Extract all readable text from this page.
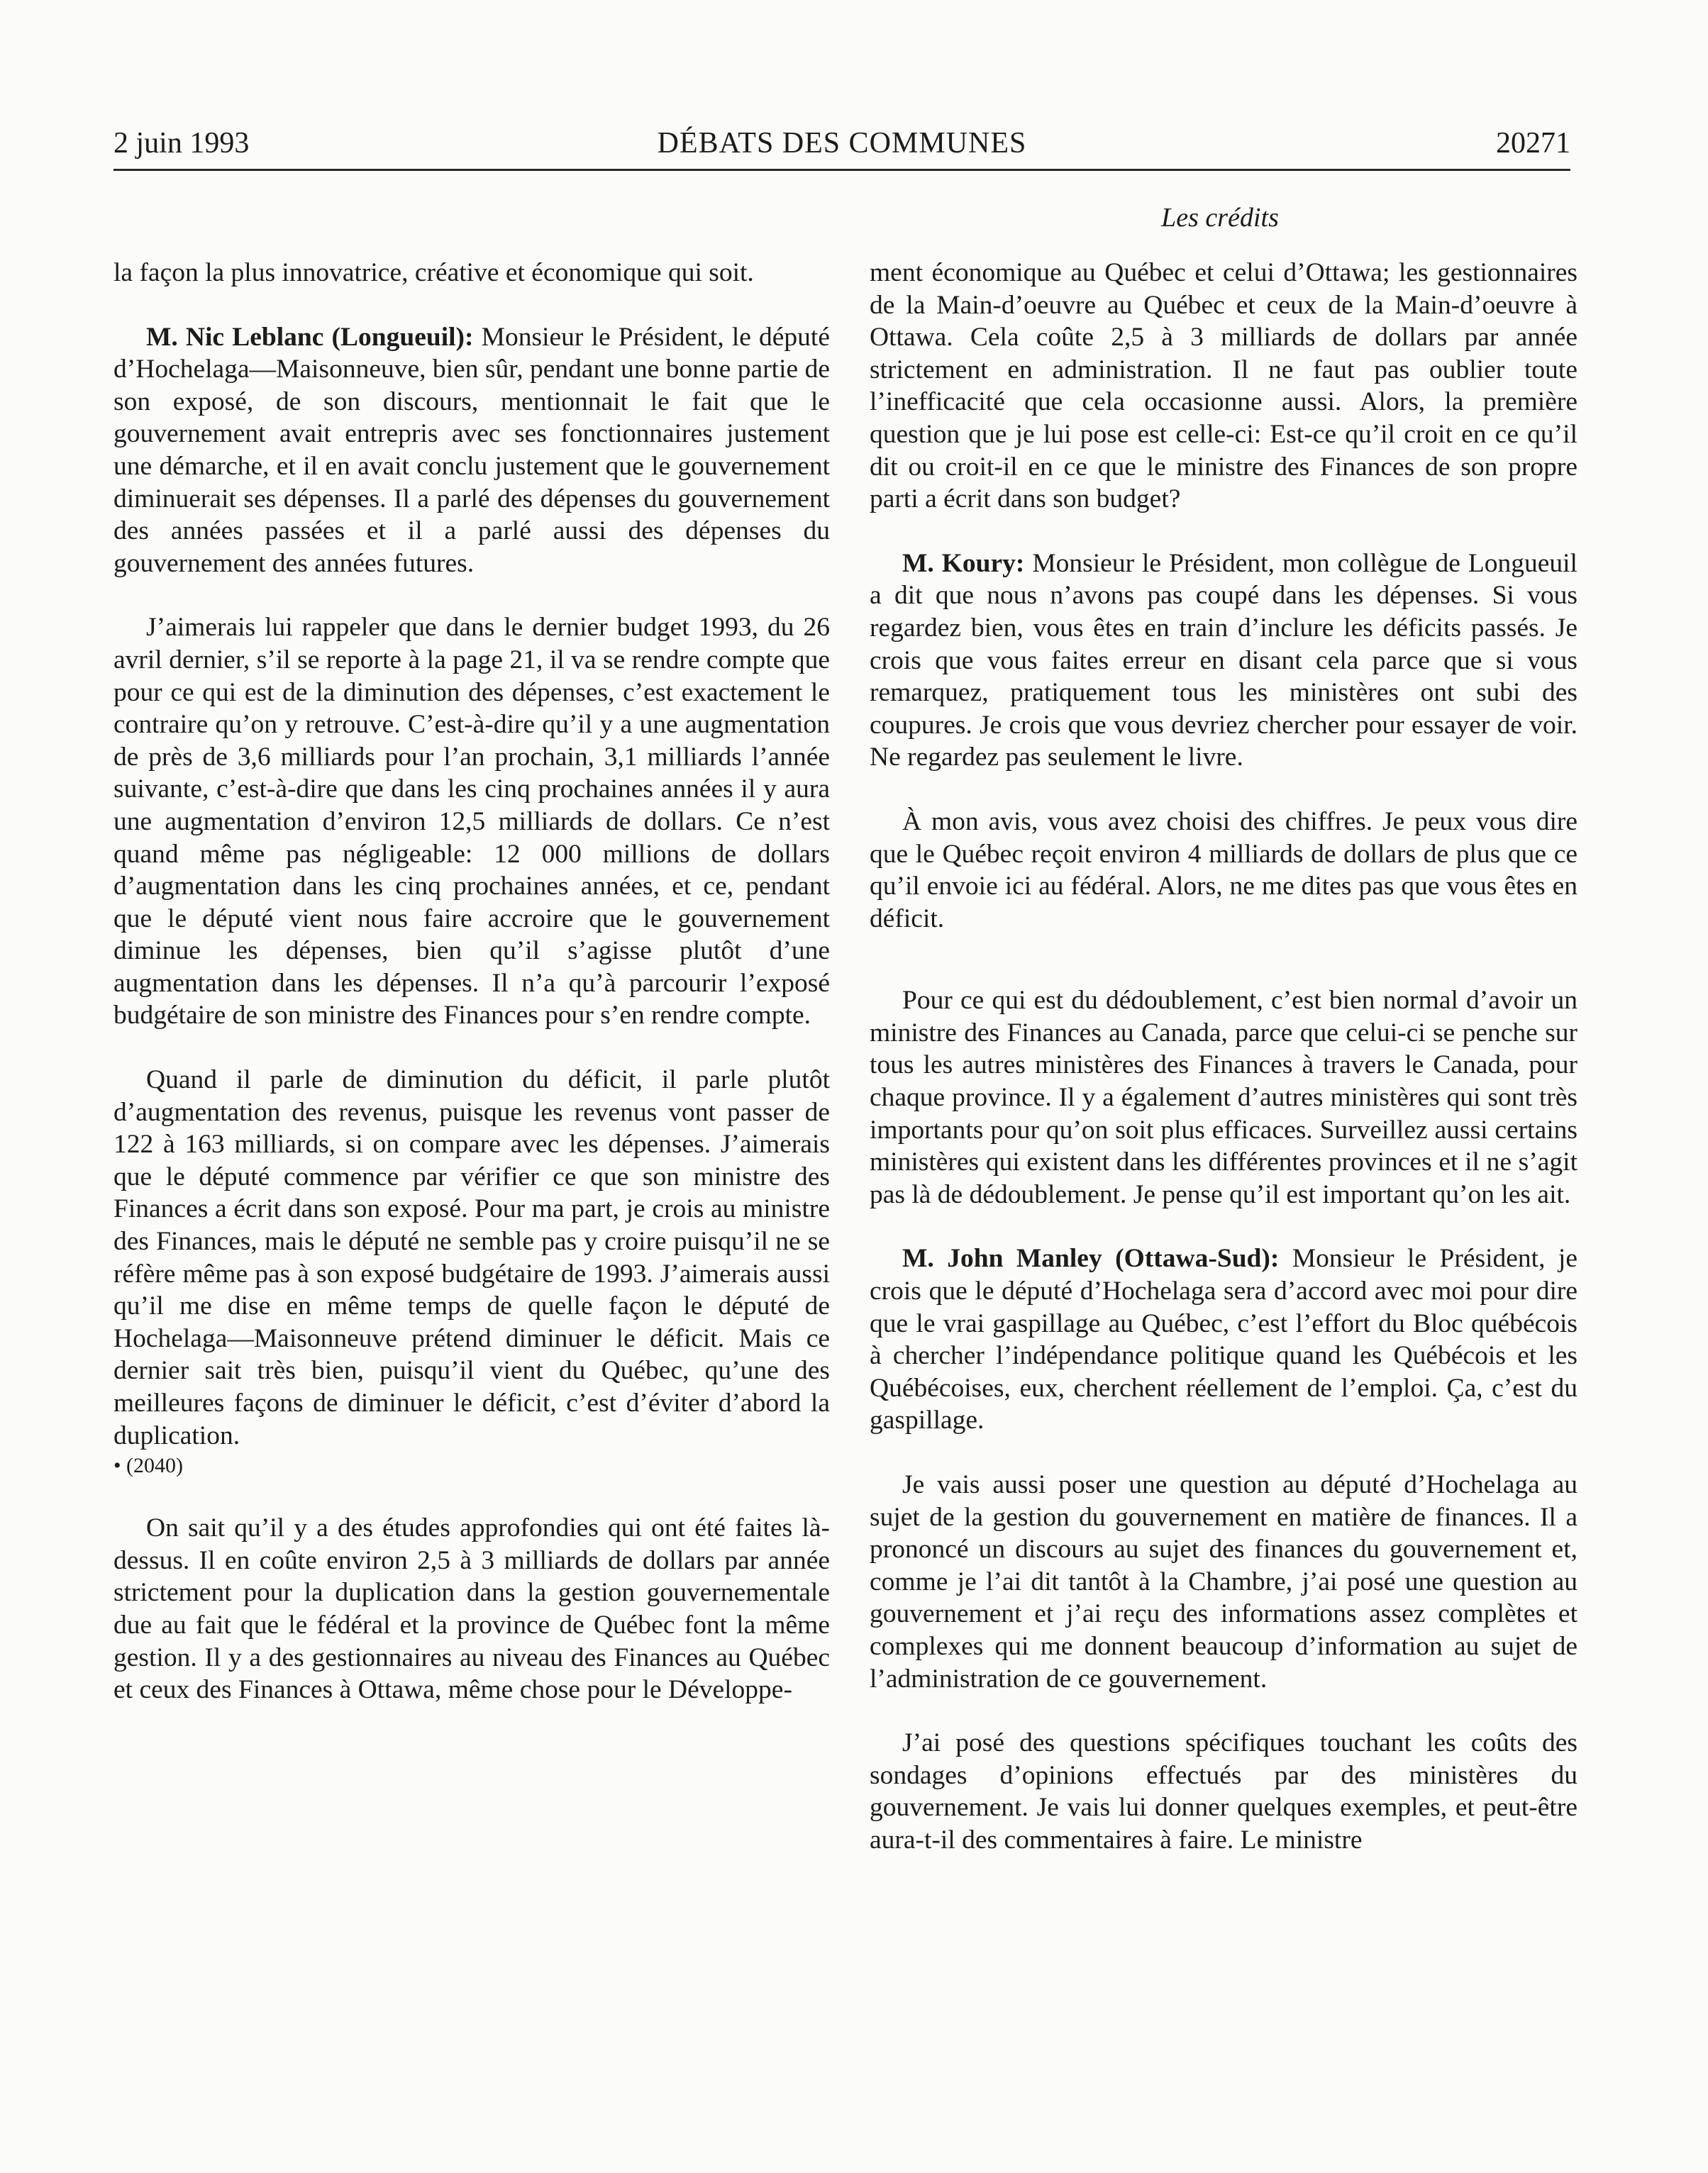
2 juin 1993	DÉBATS DES COMMUNES	20271
Les crédits

la façon la plus innovatrice, créative et économique qui soit.

M. Nic Leblanc (Longueuil): Monsieur le Président, le député d’Hochelaga—Maisonneuve, bien sûr, pendant une bonne partie de son exposé, de son discours, mentionnait le fait que le gouvernement avait entrepris avec ses fonctionnaires justement une démarche, et il en avait conclu justement que le gouvernement diminuerait ses dépenses. Il a parlé des dépenses du gouvernement des années passées et il a parlé aussi des dépenses du gouvernement des années futures.

J’aimerais lui rappeler que dans le dernier budget 1993, du 26 avril dernier, s’il se reporte à la page 21, il va se rendre compte que pour ce qui est de la diminution des dépenses, c’est exactement le contraire qu’on y retrouve. C’est-à-dire qu’il y a une augmentation de près de 3,6 milliards pour l’an prochain, 3,1 milliards l’année suivante, c’est-à-dire que dans les cinq prochaines années il y aura une augmentation d’environ 12,5 milliards de dollars. Ce n’est quand même pas négligeable: 12 000 millions de dollars d’augmentation dans les cinq prochaines années, et ce, pendant que le député vient nous faire accroire que le gouvernement diminue les dépenses, bien qu’il s’agisse plutôt d’une augmentation dans les dépenses. Il n’a qu’à parcourir l’exposé budgétaire de son ministre des Finances pour s’en rendre compte.

Quand il parle de diminution du déficit, il parle plutôt d’augmentation des revenus, puisque les revenus vont passer de 122 à 163 milliards, si on compare avec les dépenses. J’aimerais que le député commence par vérifier ce que son ministre des Finances a écrit dans son exposé. Pour ma part, je crois au ministre des Finances, mais le député ne semble pas y croire puisqu’il ne se réfère même pas à son exposé budgétaire de 1993. J’aimerais aussi qu’il me dise en même temps de quelle façon le député de Hochelaga—Maisonneuve prétend diminuer le déficit. Mais ce dernier sait très bien, puisqu’il vient du Québec, qu’une des meilleures façons de diminuer le déficit, c’est d’éviter d’abord la duplication.

• (2040)

On sait qu’il y a des études approfondies qui ont été faites là-dessus. Il en coûte environ 2,5 à 3 milliards de dollars par année strictement pour la duplication dans la gestion gouvernementale due au fait que le fédéral et la province de Québec font la même gestion. Il y a des gestionnaires au niveau des Finances au Québec et ceux des Finances à Ottawa, même chose pour le Développe-

ment économique au Québec et celui d’Ottawa; les gestionnaires de la Main-d’oeuvre au Québec et ceux de la Main-d’oeuvre à Ottawa. Cela coûte 2,5 à 3 milliards de dollars par année strictement en administration. Il ne faut pas oublier toute l’inefficacité que cela occasionne aussi. Alors, la première question que je lui pose est celle-ci: Est-ce qu’il croit en ce qu’il dit ou croit-il en ce que le ministre des Finances de son propre parti a écrit dans son budget?

M. Koury: Monsieur le Président, mon collègue de Longueuil a dit que nous n’avons pas coupé dans les dépenses. Si vous regardez bien, vous êtes en train d’inclure les déficits passés. Je crois que vous faites erreur en disant cela parce que si vous remarquez, pratiquement tous les ministères ont subi des coupures. Je crois que vous devriez chercher pour essayer de voir. Ne regardez pas seulement le livre.

À mon avis, vous avez choisi des chiffres. Je peux vous dire que le Québec reçoit environ 4 milliards de dollars de plus que ce qu’il envoie ici au fédéral. Alors, ne me dites pas que vous êtes en déficit.

Pour ce qui est du dédoublement, c’est bien normal d’avoir un ministre des Finances au Canada, parce que celui-ci se penche sur tous les autres ministères des Finances à travers le Canada, pour chaque province. Il y a également d’autres ministères qui sont très importants pour qu’on soit plus efficaces. Surveillez aussi certains ministères qui existent dans les différentes provinces et il ne s’agit pas là de dédoublement. Je pense qu’il est important qu’on les ait.

M. John Manley (Ottawa-Sud): Monsieur le Président, je crois que le député d’Hochelaga sera d’accord avec moi pour dire que le vrai gaspillage au Québec, c’est l’effort du Bloc québécois à chercher l’indépendance politique quand les Québécois et les Québécoises, eux, cherchent réellement de l’emploi. Ça, c’est du gaspillage.

Je vais aussi poser une question au député d’Hochelaga au sujet de la gestion du gouvernement en matière de finances. Il a prononcé un discours au sujet des finances du gouvernement et, comme je l’ai dit tantôt à la Chambre, j’ai posé une question au gouvernement et j’ai reçu des informations assez complètes et complexes qui me donnent beaucoup d’information au sujet de l’administration de ce gouvernement.

J’ai posé des questions spécifiques touchant les coûts des sondages d’opinions effectués par des ministères du gouvernement. Je vais lui donner quelques exemples, et peut-être aura-t-il des commentaires à faire. Le ministre
